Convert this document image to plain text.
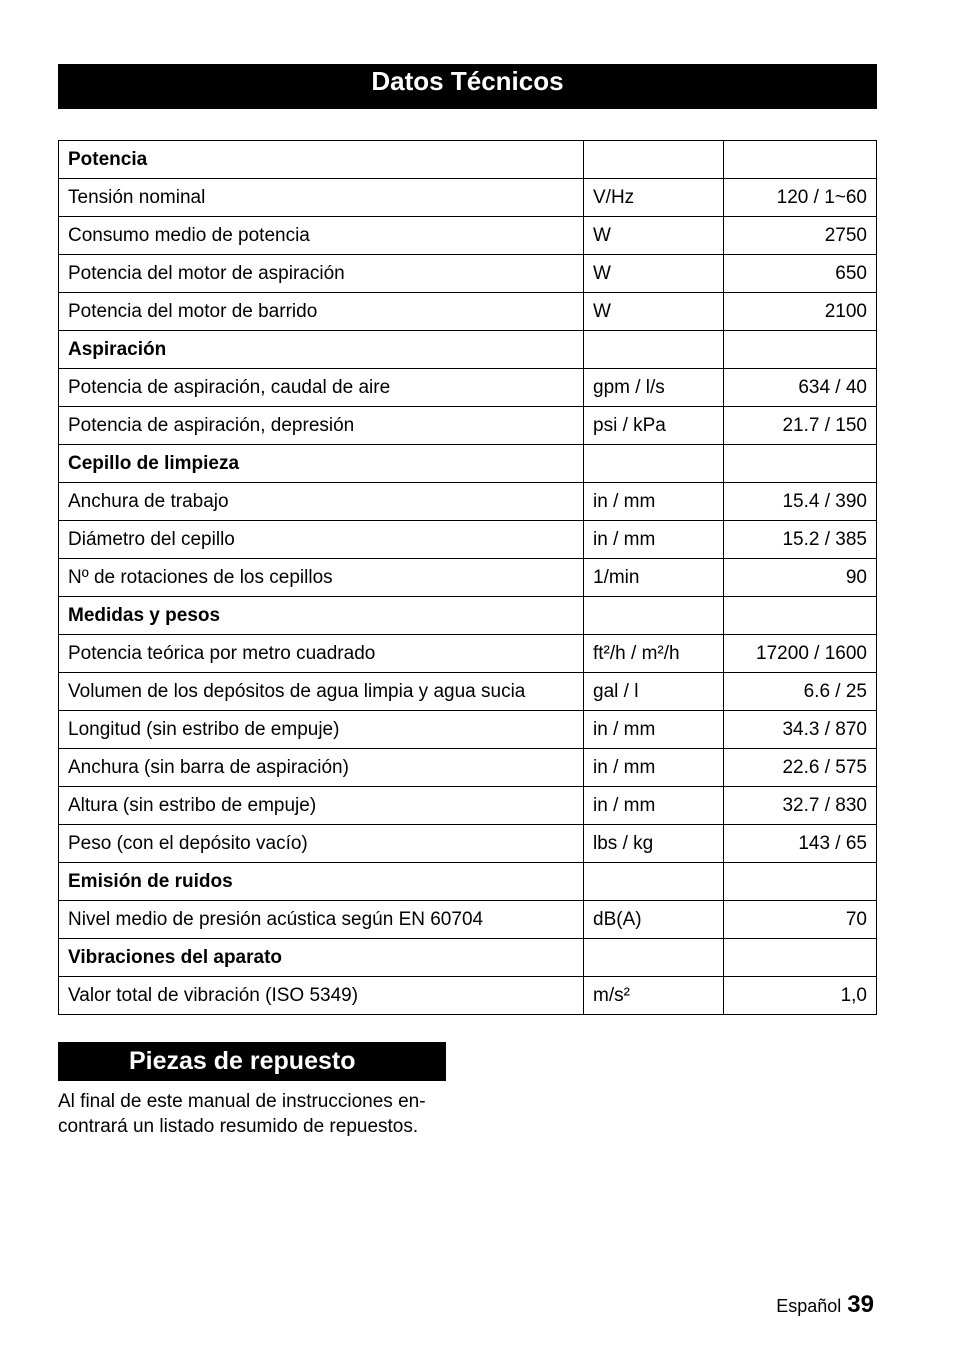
Datos Técnicos
Potencia		
Tensión nominal	V/Hz	120 / 1~60
Consumo medio de potencia	W	2750
Potencia del motor de aspiración	W	650
Potencia del motor de barrido	W	2100
Aspiración		
Potencia de aspiración, caudal de aire	gpm / l/s	634 / 40
Potencia de aspiración, depresión	psi / kPa	21.7 / 150
Cepillo de limpieza		
Anchura de trabajo	in / mm	15.4 / 390
Diámetro del cepillo	in / mm	15.2 / 385
Nº de rotaciones de los cepillos	1/min	90
Medidas y pesos		
Potencia teórica por metro cuadrado	ft²/h / m²/h	17200 / 1600
Volumen de los depósitos de agua limpia y agua sucia	gal / l	6.6 / 25
Longitud (sin estribo de empuje)	in / mm	34.3 / 870
Anchura (sin barra de aspiración)	in / mm	22.6 / 575
Altura (sin estribo de empuje)	in / mm	32.7 / 830
Peso (con el depósito vacío)	lbs / kg	143 / 65
Emisión de ruidos		
Nivel medio de presión acústica según EN 60704	dB(A)	70
Vibraciones del aparato		
Valor total de vibración (ISO 5349)	m/s²	1,0
Piezas de repuesto

Al final de este manual de instrucciones en-
contrará un listado resumido de repuestos.

Español 39
